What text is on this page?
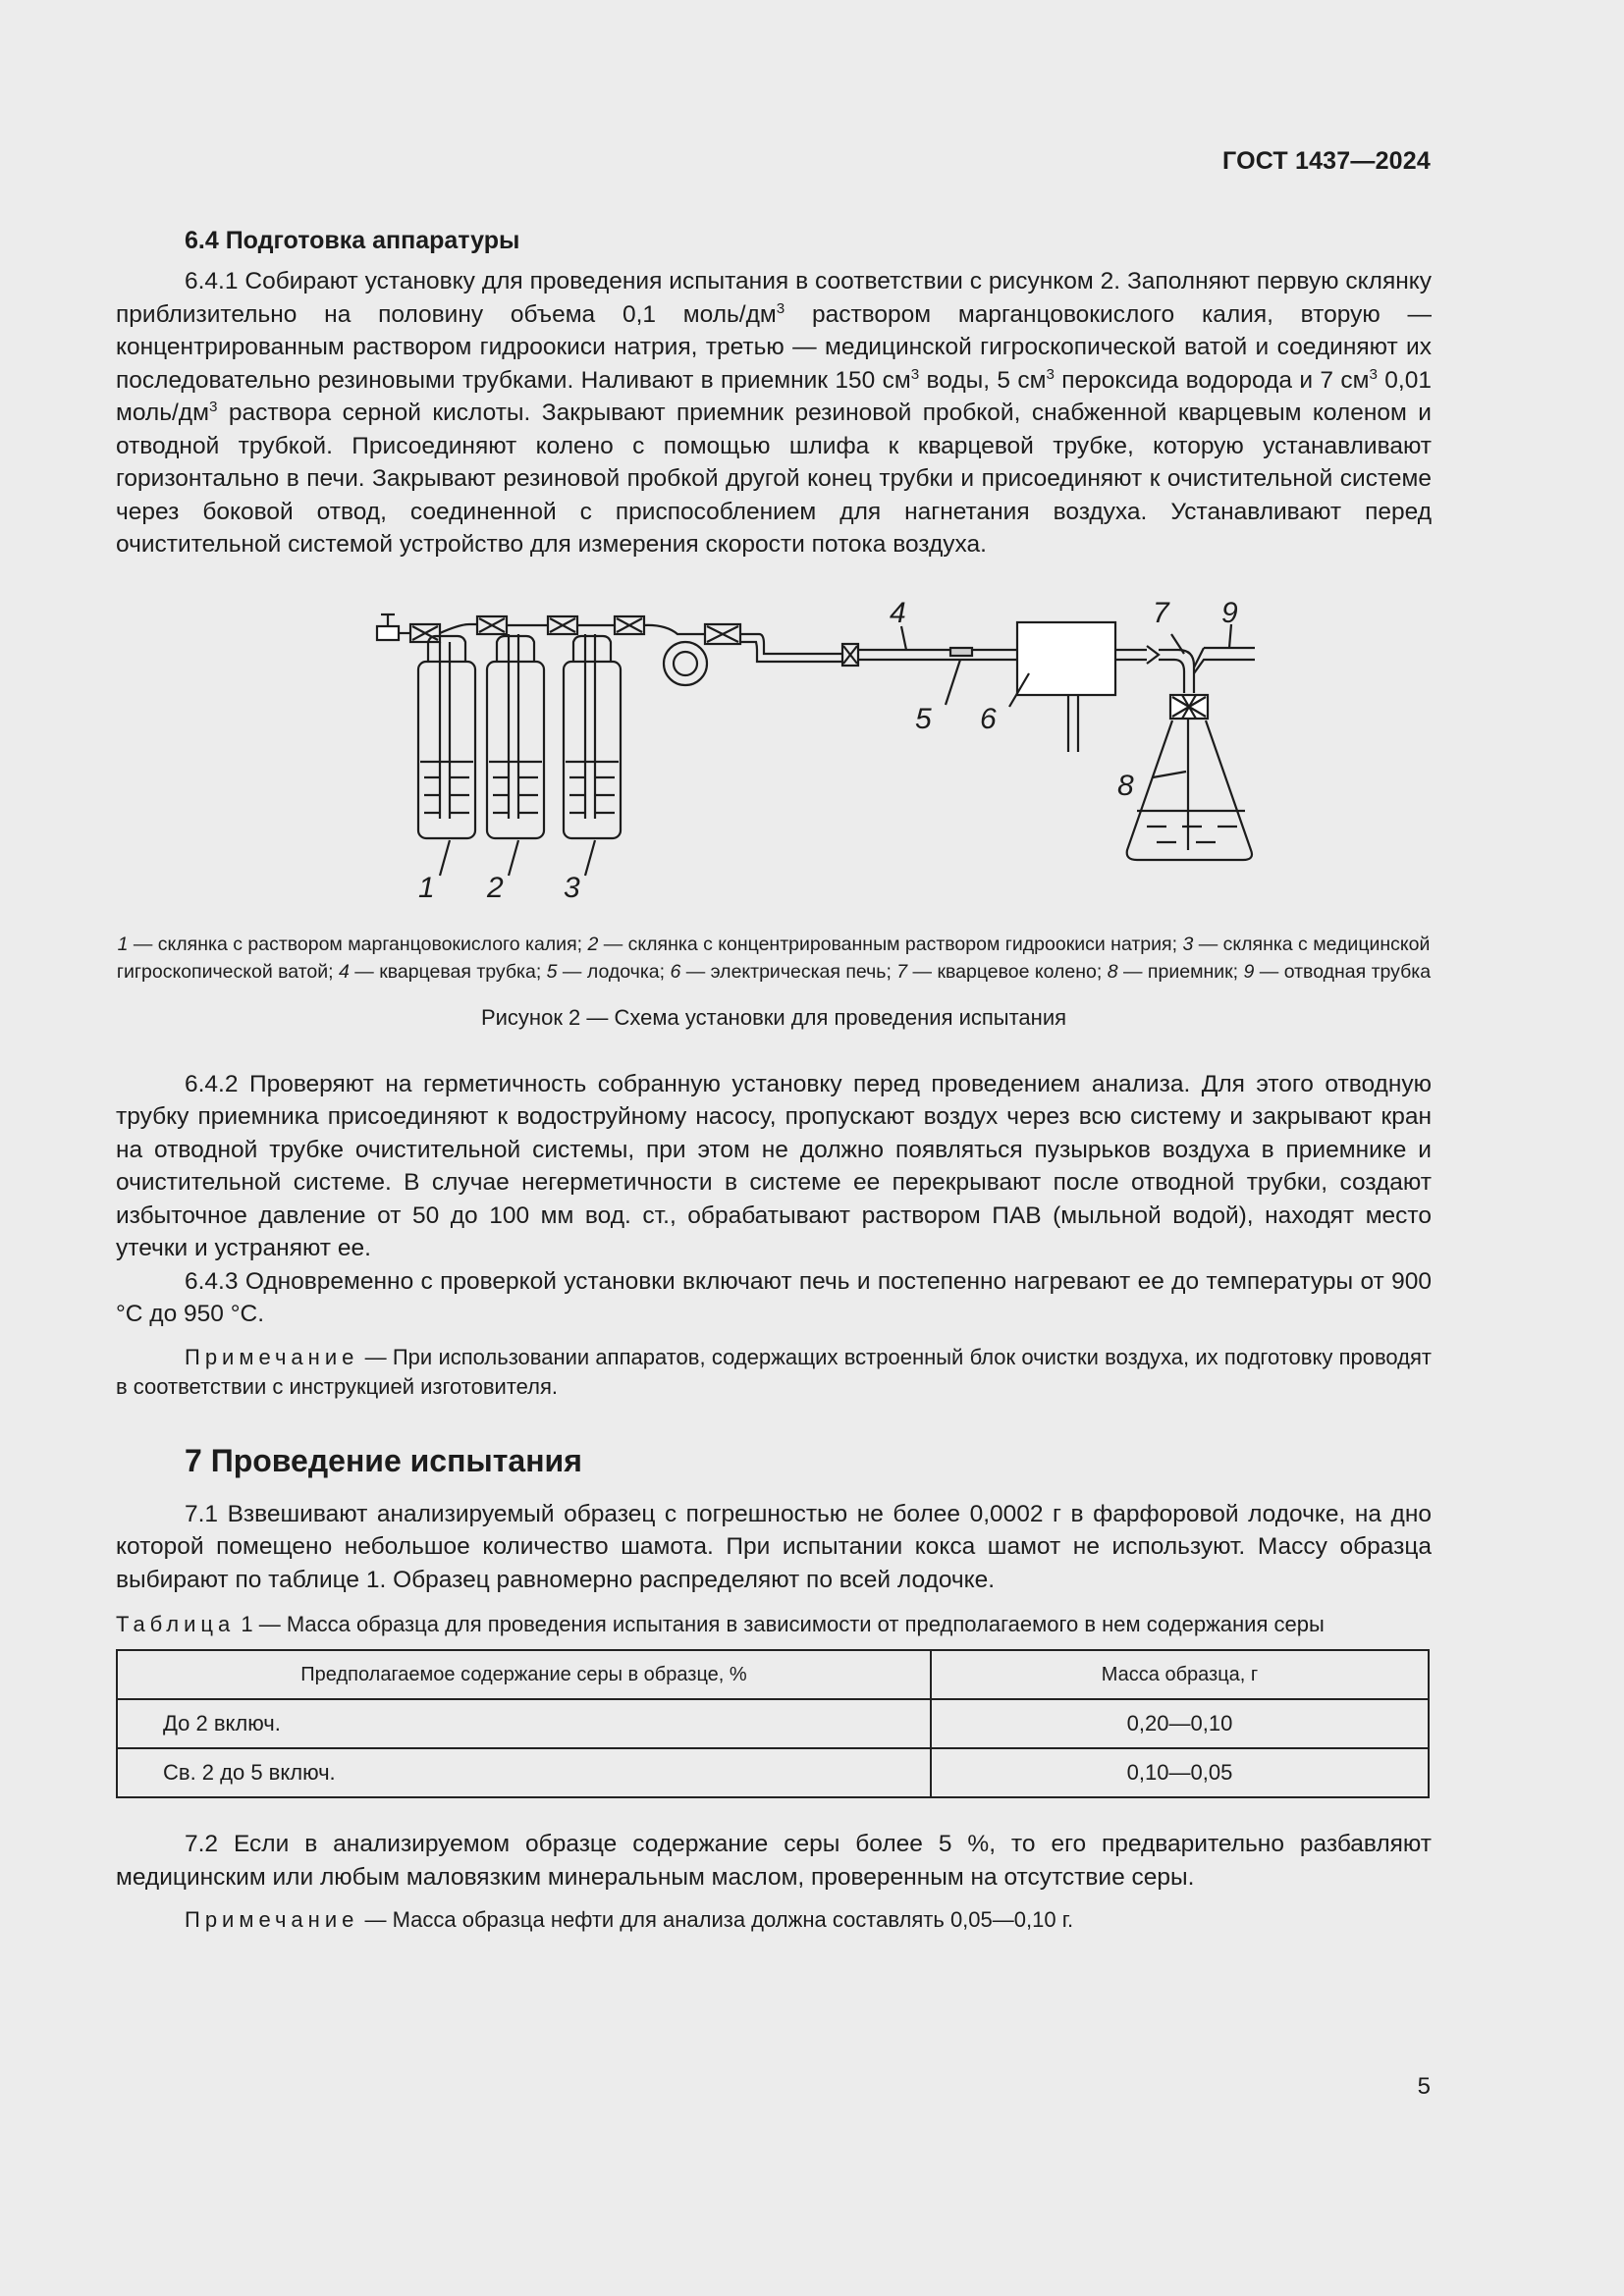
ГОСТ 1437—2024

6.4 Подготовка аппаратуры

6.4.1 Собирают установку для проведения испытания в соответствии с рисунком 2. Заполняют первую склянку приблизительно на половину объема 0,1 моль/$дм^3$ раствором марганцовокислого калия, вторую — концентрированным раствором гидроокиси натрия, третью — медицинской гигроскопической ватой и соединяют их последовательно резиновыми трубками. Наливают в приемник 150 $см^3$ воды, 5 $см^3$ пероксида водорода и 7 $см^3$ 0,01 моль/$дм^3$ раствора серной кислоты. Закрывают приемник резиновой пробкой, снабженной кварцевым коленом и отводной трубкой. Присоединяют колено с помощью шлифа к кварцевой трубке, которую устанавливают горизонтально в печи. Закрывают резиновой пробкой другой конец трубки и присоединяют к очистительной системе через боковой отвод, соединенной с приспособлением для нагнетания воздуха. Устанавливают перед очистительной системой устройство для измерения скорости потока воздуха.

1 2 3
4
5 6
7
8
9

1 — склянка с раствором марганцовокислого калия; 2 — склянка с концентрированным раствором гидроокиси натрия; 3 — склянка с медицинской гигроскопической ватой; 4 — кварцевая трубка; 5 — лодочка; 6 — электрическая печь; 7 — кварцевое колено; 8 — приемник; 9 — отводная трубка

Рисунок 2 — Схема установки для проведения испытания

6.4.2 Проверяют на герметичность собранную установку перед проведением анализа. Для этого отводную трубку приемника присоединяют к водоструйному насосу, пропускают воздух через всю систему и закрывают кран на отводной трубке очистительной системы, при этом не должно появляться пузырьков воздуха в приемнике и очистительной системе. В случае негерметичности в системе ее перекрывают после отводной трубки, создают избыточное давление от 50 до 100 мм вод. ст., обрабатывают раствором ПАВ (мыльной водой), находят место утечки и устраняют ее.

6.4.3 Одновременно с проверкой установки включают печь и постепенно нагревают ее до температуры от 900 °С до 950 °С.

Примечание — При использовании аппаратов, содержащих встроенный блок очистки воздуха, их подготовку проводят в соответствии с инструкцией изготовителя.

7 Проведение испытания

7.1 Взвешивают анализируемый образец с погрешностью не более 0,0002 г в фарфоровой лодочке, на дно которой помещено небольшое количество шамота. При испытании кокса шамот не используют. Массу образца выбирают по таблице 1. Образец равномерно распределяют по всей лодочке.

Таблица 1 — Масса образца для проведения испытания в зависимости от предполагаемого в нем содержания серы

Предполагаемое содержание серы в образце, %	Масса образца, г
До 2 включ.	0,20—0,10
Св. 2 до 5 включ.	0,10—0,05

7.2 Если в анализируемом образце содержание серы более 5 %, то его предварительно разбавляют медицинским или любым маловязким минеральным маслом, проверенным на отсутствие серы.

Примечание — Масса образца нефти для анализа должна составлять 0,05—0,10 г.

5
